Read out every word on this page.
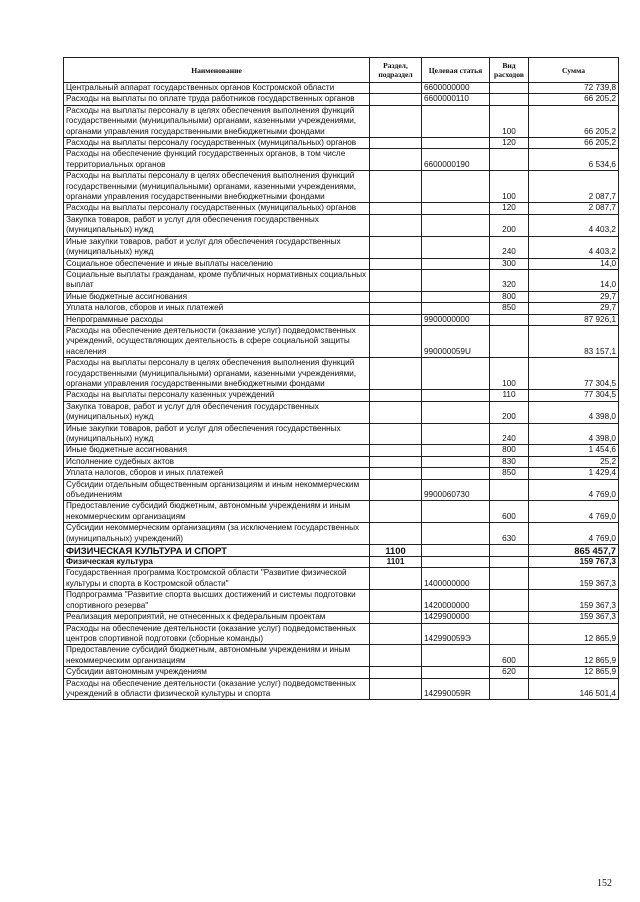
Наименование	Раздел, подраздел	Целевая статья	Вид расходов	Сумма
Центральный аппарат государственных органов Костромской области		6600000000		72 739,8
Расходы на выплаты по оплате труда работников государственных органов		6600000110		66 205,2
Расходы на выплаты персоналу в целях обеспечения выполнения функций государственными (муниципальными) органами, казенными учреждениями, органами управления государственными внебюджетными фондами			100	66 205,2
Расходы на выплаты персоналу государственных (муниципальных) органов			120	66 205,2
Расходы на обеспечение функций государственных органов, в том числе территориальных органов		6600000190		6 534,6
Расходы на выплаты персоналу в целях обеспечения выполнения функций государственными (муниципальными) органами, казенными учреждениями, органами управления государственными внебюджетными фондами			100	2 087,7
Расходы на выплаты персоналу государственных (муниципальных) органов			120	2 087,7
Закупка товаров, работ и услуг для обеспечения государственных (муниципальных) нужд			200	4 403,2
Иные закупки товаров, работ и услуг для обеспечения государственных (муниципальных) нужд			240	4 403,2
Социальное обеспечение и иные выплаты населению			300	14,0
Социальные выплаты гражданам, кроме публичных нормативных социальных выплат			320	14,0
Иные бюджетные ассигнования			800	29,7
Уплата налогов, сборов и иных платежей			850	29,7
Непрограммные расходы		9900000000		87 926,1
Расходы на обеспечение деятельности (оказание услуг) подведомственных учреждений, осуществляющих деятельность в сфере социальной защиты населения		990000059U		83 157,1
Расходы на выплаты персоналу в целях обеспечения выполнения функций государственными (муниципальными) органами, казенными учреждениями, органами управления государственными внебюджетными фондами			100	77 304,5
Расходы на выплаты персоналу казенных учреждений			110	77 304,5
Закупка товаров, работ и услуг для обеспечения государственных (муниципальных) нужд			200	4 398,0
Иные закупки товаров, работ и услуг для обеспечения государственных (муниципальных) нужд			240	4 398,0
Иные бюджетные ассигнования			800	1 454,6
Исполнение судебных актов			830	25,2
Уплата налогов, сборов и иных платежей			850	1 429,4
Субсидии отдельным общественным организациям и иным некоммерческим объединениям		9900060730		4 769,0
Предоставление субсидий бюджетным, автономным учреждениям и иным некоммерческим организациям			600	4 769,0
Субсидии некоммерческим организациям (за исключением государственных (муниципальных) учреждений)			630	4 769,0
ФИЗИЧЕСКАЯ КУЛЬТУРА И СПОРТ	1100			865 457,7
Физическая культура	1101			159 767,3
Государственная программа Костромской области "Развитие физической культуры и спорта в Костромской области"		1400000000		159 367,3
Подпрограмма "Развитие спорта высших достижений и системы подготовки спортивного резерва"		1420000000		159 367,3
Реализация мероприятий, не отнесенных к федеральным проектам		1429900000		159 367,3
Расходы на обеспечение деятельности (оказание услуг) подведомственных центров спортивной подготовки (сборные команды)		142990059Э		12 865,9
Предоставление субсидий бюджетным, автономным учреждениям и иным некоммерческим организациям			600	12 865,9
Субсидии автономным учреждениям			620	12 865,9
Расходы на обеспечение деятельности (оказание услуг) подведомственных учреждений в области физической культуры и спорта		142990059R		146 501,4
152
